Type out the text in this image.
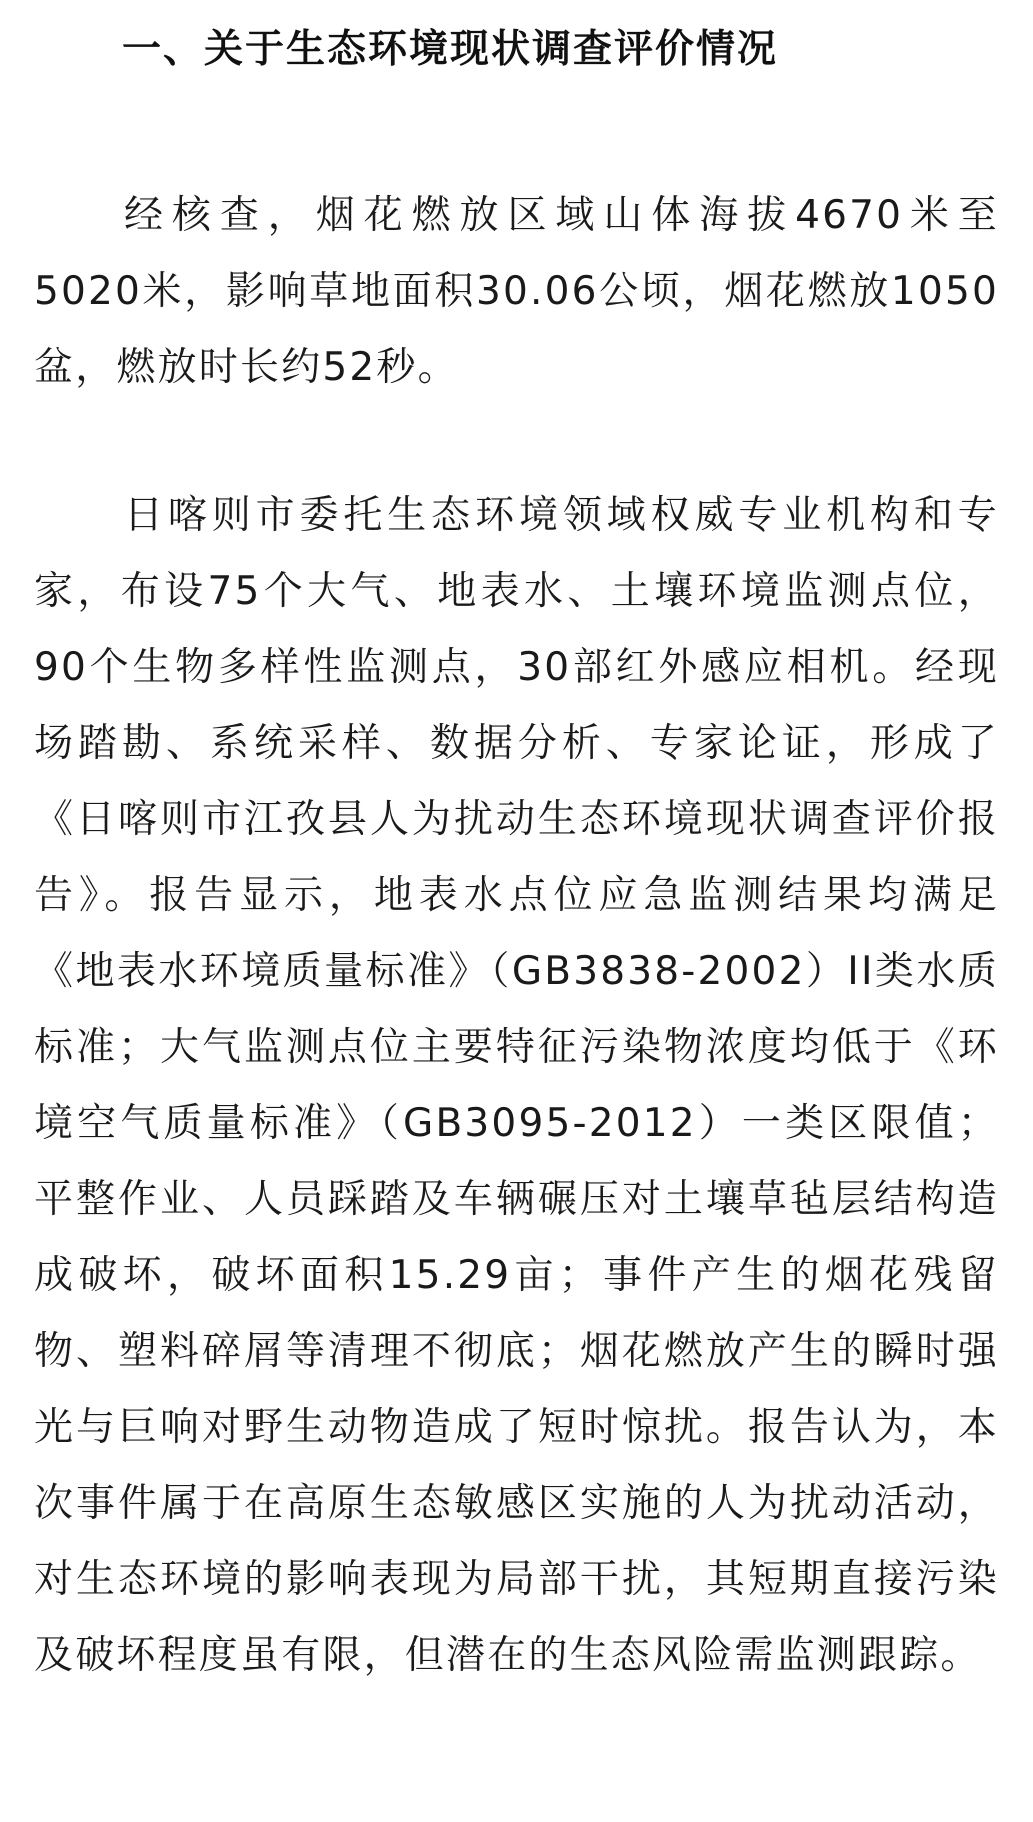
一、关于生态环境现状调查评价情况

经核查，烟花燃放区域山体海拔4670米至5020米，影响草地面积30.06公顷，烟花燃放1050盆，燃放时长约52秒。

日喀则市委托生态环境领域权威专业机构和专家，布设75个大气、地表水、土壤环境监测点位，90个生物多样性监测点，30部红外感应相机。经现场踏勘、系统采样、数据分析、专家论证，形成了《日喀则市江孜县人为扰动生态环境现状调查评价报告》。报告显示，地表水点位应急监测结果均满足《地表水环境质量标准》（GB3838-2002）II类水质标准；大气监测点位主要特征污染物浓度均低于《环境空气质量标准》（GB3095-2012）一类区限值；平整作业、人员踩踏及车辆碾压对土壤草毡层结构造成破坏，破坏面积15.29亩；事件产生的烟花残留物、塑料碎屑等清理不彻底；烟花燃放产生的瞬时强光与巨响对野生动物造成了短时惊扰。报告认为，本次事件属于在高原生态敏感区实施的人为扰动活动，对生态环境的影响表现为局部干扰，其短期直接污染及破坏程度虽有限，但潜在的生态风险需监测跟踪。
